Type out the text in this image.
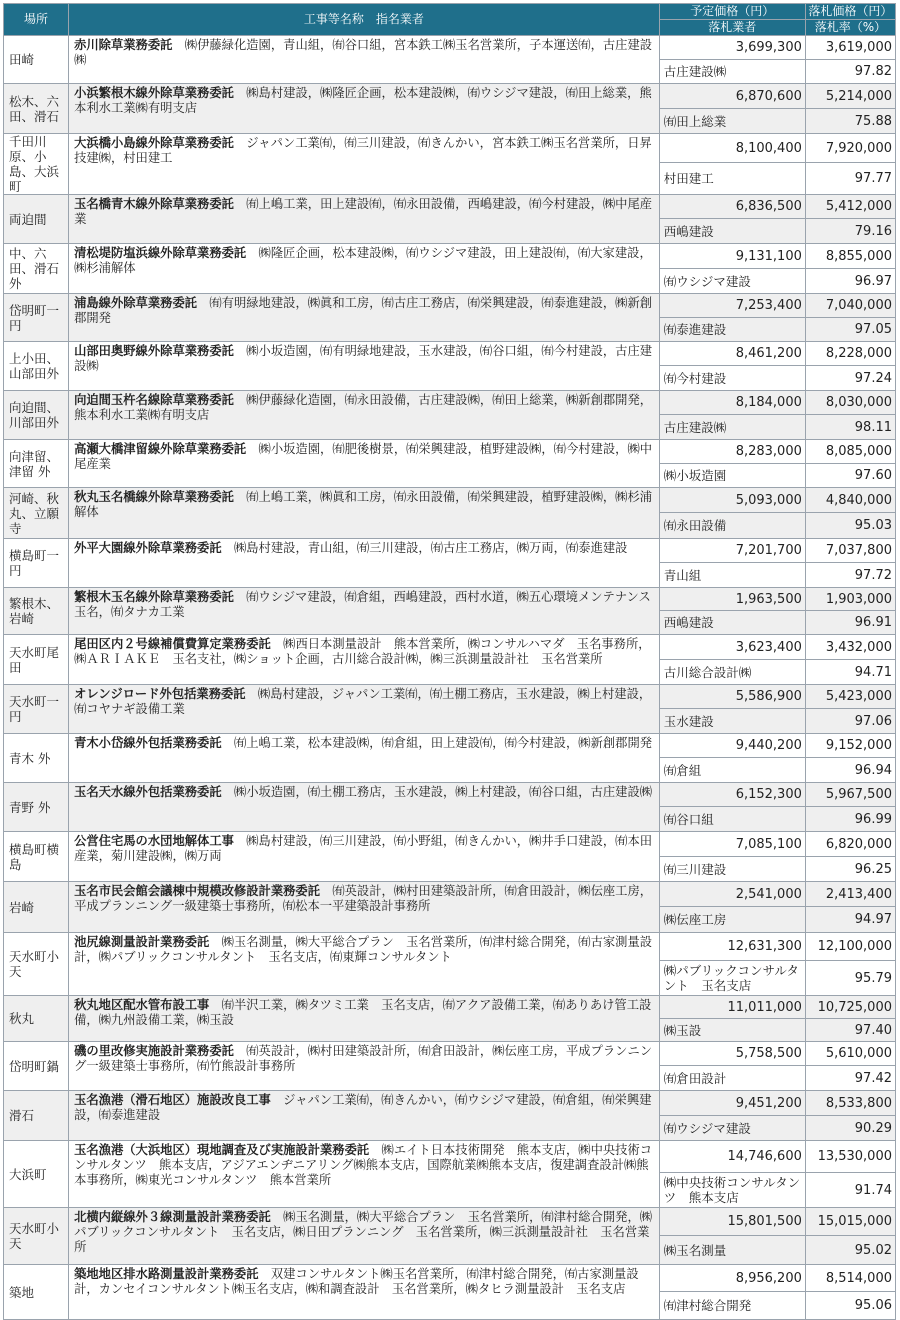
場所	工事等名称　指名業者	予定価格（円）	落札価格（円）
		落札業者	落札率（%）
田崎	赤川除草業務委託　 ㈱伊藤緑化造園，青山組，㈲谷口組，宮本鉄工㈱玉名営業所，子本運送㈲，古庄建設㈱	3,699,300	3,619,000
		古庄建設㈱	97.82
松木、六田、滑石	小浜繁根木線外除草業務委託　 ㈱島村建設，㈱隆匠企画，松本建設㈱，㈲ウシジマ建設，㈲田上総業，熊本利水工業㈱有明支店	6,870,600	5,214,000
		㈲田上総業	75.88
千田川原、小島、大浜町	大浜橋小島線外除草業務委託　 ジャパン工業㈲，㈲三川建設，㈲きんかい，宮本鉄工㈱玉名営業所，日昇技建㈱，村田建工	8,100,400	7,920,000
		村田建工	97.77
両迫間	玉名橋青木線外除草業務委託　 ㈲上嶋工業，田上建設㈲，㈲永田設備，西嶋建設，㈲今村建設，㈱中尾産業	6,836,500	5,412,000
		西嶋建設	79.16
中、六田、滑石 外	清松堤防塩浜線外除草業務委託　 ㈱隆匠企画，松本建設㈱，㈲ウシジマ建設，田上建設㈲，㈲大家建設，㈱杉浦解体	9,131,100	8,855,000
		㈲ウシジマ建設	96.97
岱明町一円	浦島線外除草業務委託　 ㈲有明緑地建設，㈱眞和工房，㈲古庄工務店，㈲栄興建設，㈲泰進建設，㈱新創郡開発	7,253,400	7,040,000
		㈲泰進建設	97.05
上小田、山部田外	山部田奥野線外除草業務委託　 ㈱小坂造園，㈲有明緑地建設，玉水建設，㈲谷口組，㈲今村建設，古庄建設㈱	8,461,200	8,228,000
		㈲今村建設	97.24
向迫間、川部田外	向迫間玉杵名線除草業務委託　 ㈱伊藤緑化造園，㈲永田設備，古庄建設㈱，㈲田上総業，㈱新創郡開発，熊本利水工業㈱有明支店	8,184,000	8,030,000
		古庄建設㈱	98.11
向津留、津留 外	高瀬大橋津留線外除草業務委託　 ㈱小坂造園，㈲肥後樹景，㈲栄興建設，植野建設㈱，㈲今村建設，㈱中尾産業	8,283,000	8,085,000
		㈱小坂造園	97.60
河崎、秋丸、立願寺	秋丸玉名橋線外除草業務委託　 ㈲上嶋工業，㈱眞和工房，㈲永田設備，㈲栄興建設，植野建設㈱，㈱杉浦解体	5,093,000	4,840,000
		㈲永田設備	95.03
横島町一円	外平大園線外除草業務委託　 ㈱島村建設，青山組，㈲三川建設，㈲古庄工務店，㈱万両，㈲泰進建設	7,201,700	7,037,800
		青山組	97.72
繁根木、岩崎	繁根木玉名線外除草業務委託　 ㈲ウシジマ建設，㈲倉組，西嶋建設，西村水道，㈱五心環境メンテナンス玉名，㈲タナカ工業	1,963,500	1,903,000
		西嶋建設	96.91
天水町尾田	尾田区内２号線補償費算定業務委託　 ㈱西日本測量設計　熊本営業所，㈱コンサルハマダ　玉名事務所，㈱ＡＲＩＡＫＥ　玉名支社，㈱ショット企画，古川総合設計㈱，㈱三浜測量設計社　玉名営業所	3,623,400	3,432,000
		古川総合設計㈱	94.71
天水町一円	オレンジロード外包括業務委託　 ㈱島村建設，ジャパン工業㈲，㈲土棚工務店，玉水建設，㈱上村建設，㈲コヤナギ設備工業	5,586,900	5,423,000
		玉水建設	97.06
青木 外	青木小岱線外包括業務委託　 ㈲上嶋工業，松本建設㈱，㈲倉組，田上建設㈲，㈲今村建設，㈱新創郡開発	9,440,200	9,152,000
		㈲倉組	96.94
青野 外	玉名天水線外包括業務委託　 ㈱小坂造園，㈲土棚工務店，玉水建設，㈱上村建設，㈲谷口組，古庄建設㈱	6,152,300	5,967,500
		㈲谷口組	96.99
横島町横島	公営住宅馬の水団地解体工事　 ㈱島村建設，㈲三川建設，㈲小野組，㈲きんかい，㈱井手口建設，㈲本田産業，菊川建設㈱，㈱万両	7,085,100	6,820,000
		㈲三川建設	96.25
岩崎	玉名市民会館会議棟中規模改修設計業務委託　 ㈲英設計，㈱村田建築設計所，㈲倉田設計，㈱伝座工房，平成プランニング一級建築士事務所，㈲松本一平建築設計事務所	2,541,000	2,413,400
		㈱伝座工房	94.97
天水町小天	池尻線測量設計業務委託　 ㈱玉名測量，㈱大平総合プラン　玉名営業所，㈲津村総合開発，㈲古家測量設計，㈱パブリックコンサルタント　玉名支店，㈲東輝コンサルタント	12,631,300	12,100,000
		㈱パブリックコンサルタント　玉名支店	95.79
秋丸	秋丸地区配水管布設工事　 ㈲半沢工業，㈱タツミ工業　玉名支店，㈲アクア設備工業，㈲ありあけ管工設備，㈱九州設備工業，㈱玉設	11,011,000	10,725,000
		㈱玉設	97.40
岱明町鍋	磯の里改修実施設計業務委託　 ㈲英設計，㈱村田建築設計所，㈲倉田設計，㈱伝座工房，平成プランニング一級建築士事務所，㈲竹熊設計事務所	5,758,500	5,610,000
		㈲倉田設計	97.42
滑石	玉名漁港（滑石地区）施設改良工事　 ジャパン工業㈲，㈲きんかい，㈲ウシジマ建設，㈲倉組，㈲栄興建設，㈲泰進建設	9,451,200	8,533,800
		㈲ウシジマ建設	90.29
大浜町	玉名漁港（大浜地区）現地調査及び実施設計業務委託　 ㈱エイト日本技術開発　熊本支店，㈱中央技術コンサルタンツ　熊本支店，アジアエンヂニアリング㈱熊本支店，国際航業㈱熊本支店，復建調査設計㈱熊本事務所，㈱東光コンサルタンツ　熊本営業所	14,746,600	13,530,000
		㈱中央技術コンサルタンツ　熊本支店	91.74
天水町小天	北横内縦線外３線測量設計業務委託　 ㈱玉名測量，㈱大平総合プラン　玉名営業所，㈲津村総合開発，㈱パブリックコンサルタント　玉名支店，㈱日田プランニング　玉名営業所，㈱三浜測量設計社　玉名営業所	15,801,500	15,015,000
		㈱玉名測量	95.02
築地	築地地区排水路測量設計業務委託　 双建コンサルタント㈱玉名営業所，㈲津村総合開発，㈲古家測量設計，カンセイコンサルタント㈱玉名支店，㈱和調査設計　玉名営業所，㈱タヒラ測量設計　玉名支店	8,956,200	8,514,000
		㈲津村総合開発	95.06
